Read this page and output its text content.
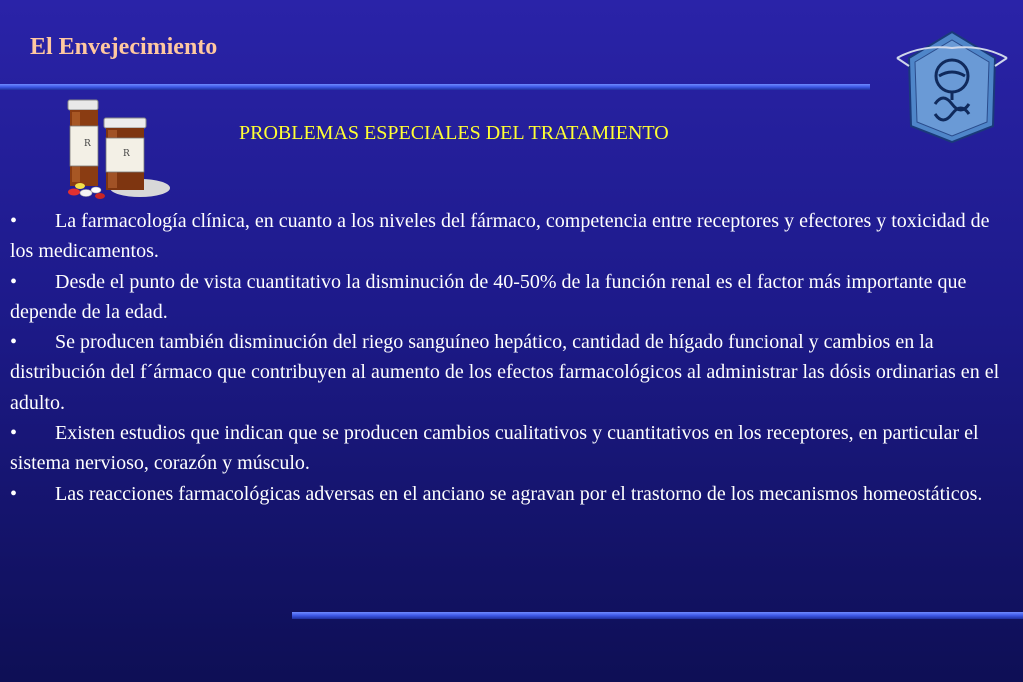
El Envejecimiento
R
R
PROBLEMAS ESPECIALES DEL TRATAMIENTO

• La farmacología clínica, en cuanto a los niveles del fármaco, competencia entre receptores y efectores y toxicidad de los medicamentos.

• Desde el punto de vista cuantitativo la disminución de 40-50% de la función renal es el factor más importante que depende de la edad.

• Se producen también disminución del riego sanguíneo hepático, cantidad de hígado funcional y cambios en la distribución del f´ármaco que contribuyen al aumento de los efectos farmacológicos al administrar las dósis ordinarias en el adulto.

• Existen estudios que indican que se producen cambios cualitativos y cuantitativos en los receptores, en particular el sistema nervioso, corazón y músculo.

• Las reacciones farmacológicas adversas en el anciano se agravan por el trastorno de los mecanismos homeostáticos.
